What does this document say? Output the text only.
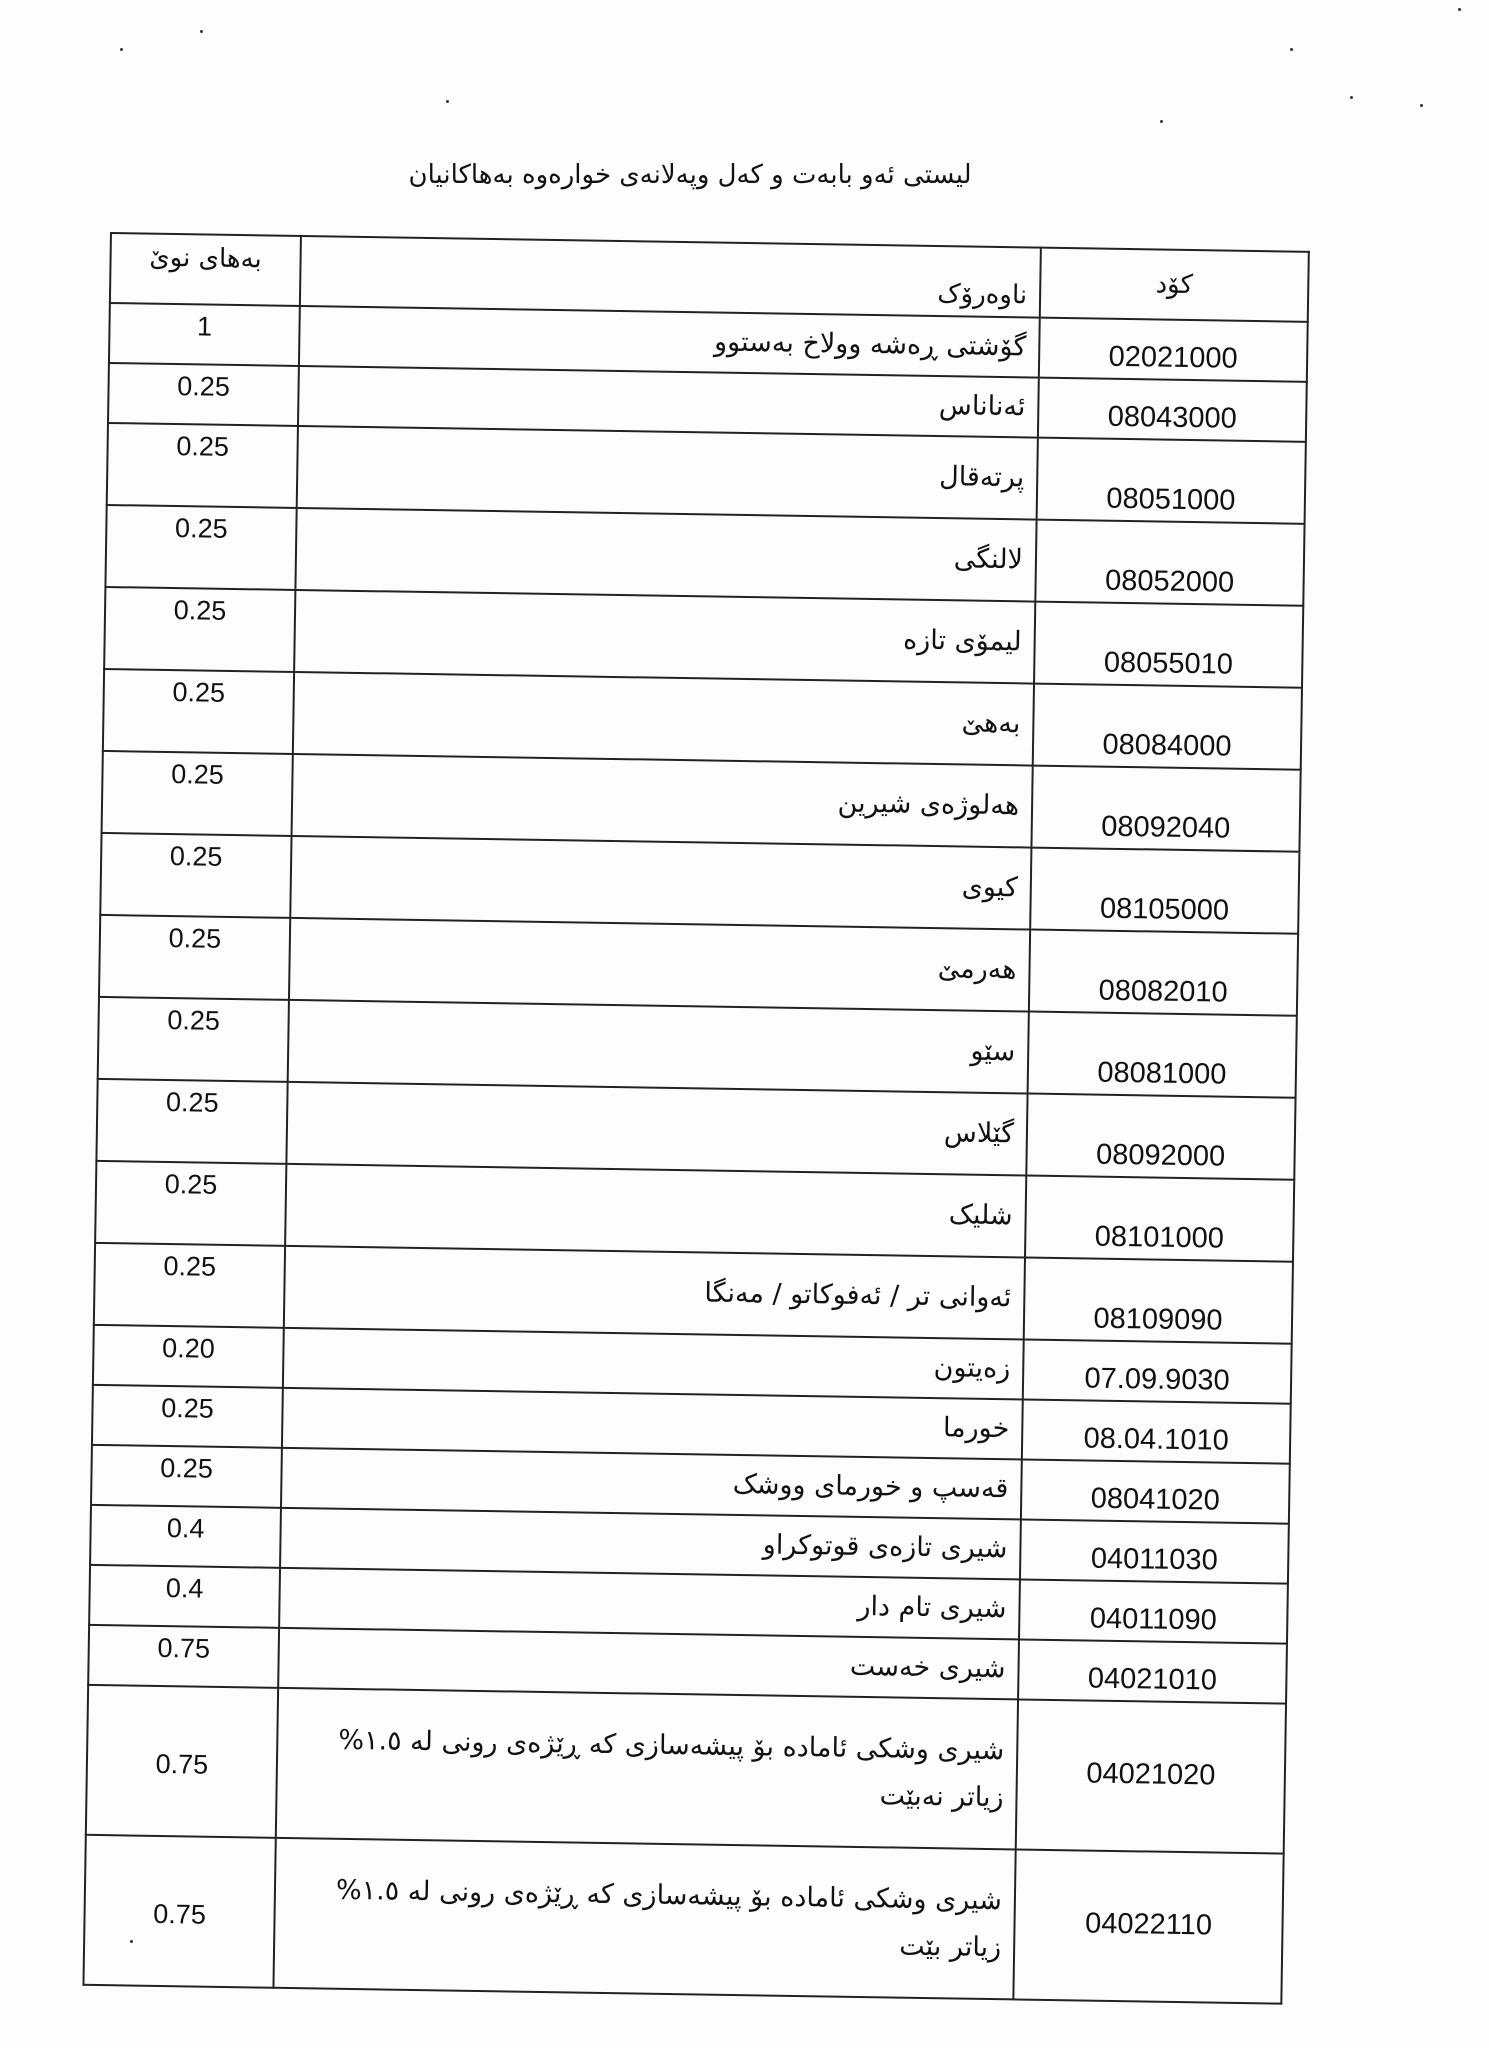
لیستی ئەو بابەت و کەل وپەلانەی خوارەوە بەهاکانیان
بەهای نوێ	ناوەرۆک	کۆد
1	گۆشتی ڕەشە وولاخ بەستوو	02021000
0.25	ئەناناس	08043000
0.25	پرتەقال	08051000
0.25	لالنگی	08052000
0.25	لیمۆی تازە	08055010
0.25	بەهێ	08084000
0.25	هەلوژەی شیرین	08092040
0.25	کیوی	08105000
0.25	هەرمێ	08082010
0.25	سێو	08081000
0.25	گێلاس	08092000
0.25	شلیک	08101000
0.25	ئەوانی تر / ئەفوکاتو / مەنگا	08109090
0.20	زەیتون	07.09.9030
0.25	خورما	08.04.1010
0.25	قەسپ و خورمای ووشک	08041020
0.4	شیری تازەی قوتوکراو	04011030
0.4	شیری تام دار	04011090
0.75	شیری خەست	04021010
0.75	شیری وشکی ئامادە بۆ پیشەسازی کە ڕێژەی رونی لە ١.٥% زیاتر نەبێت	04021020
0.75	شیری وشکی ئامادە بۆ پیشەسازی کە ڕێژەی رونی لە ١.٥% زیاتر بێت	04022110
